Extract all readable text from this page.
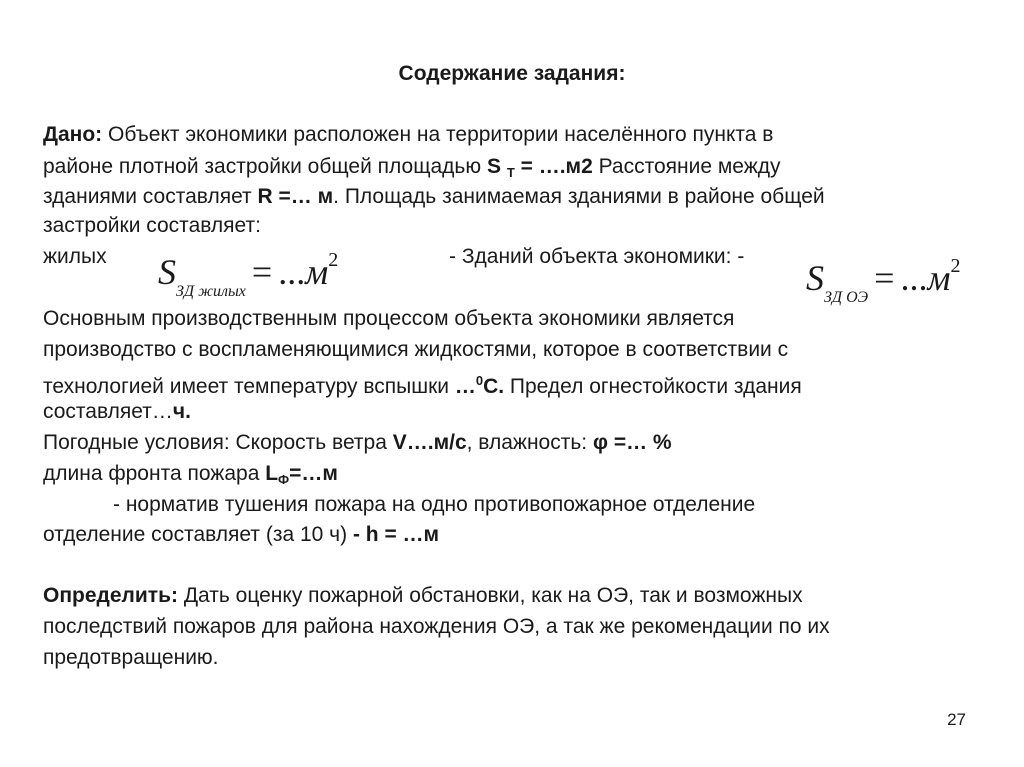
Содержание задания:
Дано: Объект экономики расположен на территории населённого пункта в
районе плотной застройки общей площадью S $_Т$ = ….м2 Расстояние между
зданиями составляет R =… м. Площадь занимаемая зданиями в районе общей
застройки составляет:
жилых $S_{ЗД жилых} = ...м^2$	- Зданий объекта экономики: -
$S_{ЗД ОЭ} = ...м^2$
Основным производственным процессом объекта экономики является
производство с воспламеняющимися жидкостями, которое в соответствии с
технологией имеет температуру вспышки …$^0$С. Предел огнестойкости здания
составляет…ч.
Погодные условия: Скорость ветра V….м/с, влажность: φ =… %
длина фронта пожара $L_Ф=\dots м$
- норматив тушения пожара на одно противопожарное отделение
отделение составляет (за 10 ч) - h = …м
Определить: Дать оценку пожарной обстановки, как на ОЭ, так и возможных
последствий пожаров для района нахождения ОЭ, а так же рекомендации по их
предотвращению.
27
